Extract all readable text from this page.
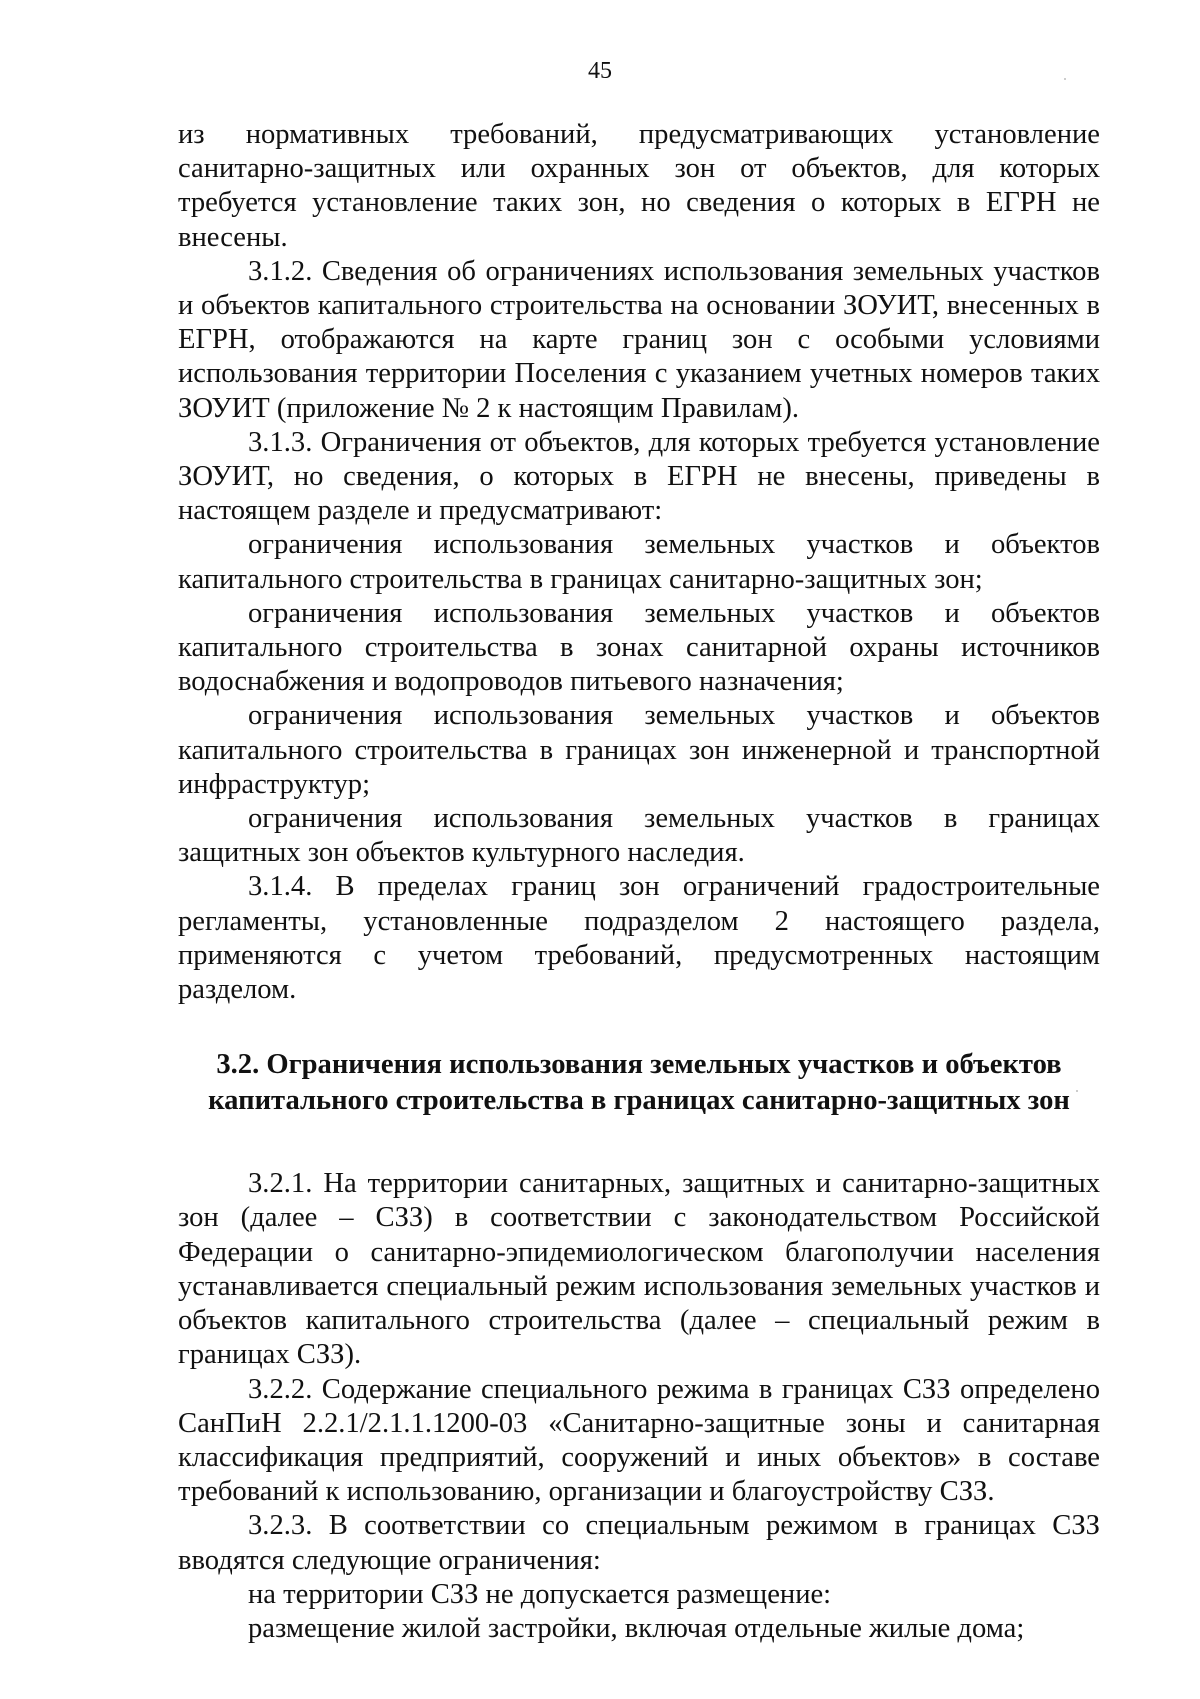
45

из нормативных требований, предусматривающих установление санитарно-защитных или охранных зон от объектов, для которых требуется установление таких зон, но сведения о которых в ЕГРН не внесены.

3.1.2. Сведения об ограничениях использования земельных участков и объектов капитального строительства на основании ЗОУИТ, внесенных в ЕГРН, отображаются на карте границ зон с особыми условиями использования территории Поселения с указанием учетных номеров таких ЗОУИТ (приложение № 2 к настоящим Правилам).

3.1.3. Ограничения от объектов, для которых требуется установление ЗОУИТ, но сведения, о которых в ЕГРН не внесены, приведены в настоящем разделе и предусматривают:

ограничения использования земельных участков и объектов капитального строительства в границах санитарно-защитных зон;

ограничения использования земельных участков и объектов капитального строительства в зонах санитарной охраны источников водоснабжения и водопроводов питьевого назначения;

ограничения использования земельных участков и объектов капитального строительства в границах зон инженерной и транспортной инфраструктур;

ограничения использования земельных участков в границах защитных зон объектов культурного наследия.

3.1.4. В пределах границ зон ограничений градостроительные регламенты, установленные подразделом 2 настоящего раздела, применяются с учетом требований, предусмотренных настоящим разделом.

3.2. Ограничения использования земельных участков и объектов капитального строительства в границах санитарно-защитных зон

3.2.1. На территории санитарных, защитных и санитарно-защитных зон (далее – СЗЗ) в соответствии с законодательством Российской Федерации о санитарно-эпидемиологическом благополучии населения устанавливается специальный режим использования земельных участков и объектов капитального строительства (далее – специальный режим в границах СЗЗ).

3.2.2. Содержание специального режима в границах СЗЗ определено СанПиН 2.2.1/2.1.1.1200-03 «Санитарно-защитные зоны и санитарная классификация предприятий, сооружений и иных объектов» в составе требований к использованию, организации и благоустройству СЗЗ.

3.2.3. В соответствии со специальным режимом в границах СЗЗ вводятся следующие ограничения:

на территории СЗЗ не допускается размещение:

размещение жилой застройки, включая отдельные жилые дома;
